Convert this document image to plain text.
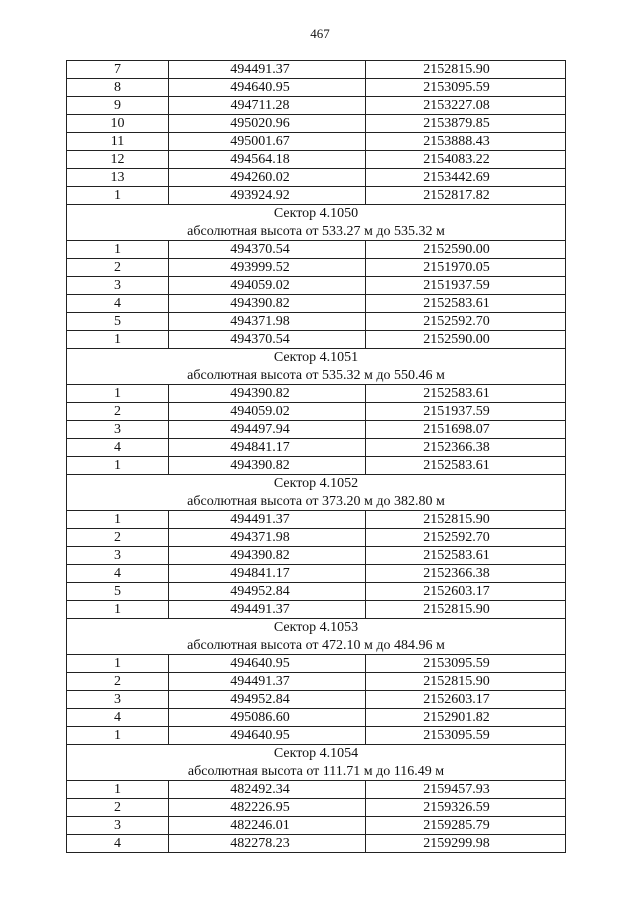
467
7	494491.37	2152815.90
8	494640.95	2153095.59
9	494711.28	2153227.08
10	495020.96	2153879.85
11	495001.67	2153888.43
12	494564.18	2154083.22
13	494260.02	2153442.69
1	493924.92	2152817.82
Сектор 4.1050		
абсолютная высота от 533.27 м до 535.32 м		
1	494370.54	2152590.00
2	493999.52	2151970.05
3	494059.02	2151937.59
4	494390.82	2152583.61
5	494371.98	2152592.70
1	494370.54	2152590.00
Сектор 4.1051		
абсолютная высота от 535.32 м до 550.46 м		
1	494390.82	2152583.61
2	494059.02	2151937.59
3	494497.94	2151698.07
4	494841.17	2152366.38
1	494390.82	2152583.61
Сектор 4.1052		
абсолютная высота от 373.20 м до 382.80 м		
1	494491.37	2152815.90
2	494371.98	2152592.70
3	494390.82	2152583.61
4	494841.17	2152366.38
5	494952.84	2152603.17
1	494491.37	2152815.90
Сектор 4.1053		
абсолютная высота от 472.10 м до 484.96 м		
1	494640.95	2153095.59
2	494491.37	2152815.90
3	494952.84	2152603.17
4	495086.60	2152901.82
1	494640.95	2153095.59
Сектор 4.1054		
абсолютная высота от 111.71 м до 116.49 м		
1	482492.34	2159457.93
2	482226.95	2159326.59
3	482246.01	2159285.79
4	482278.23	2159299.98
